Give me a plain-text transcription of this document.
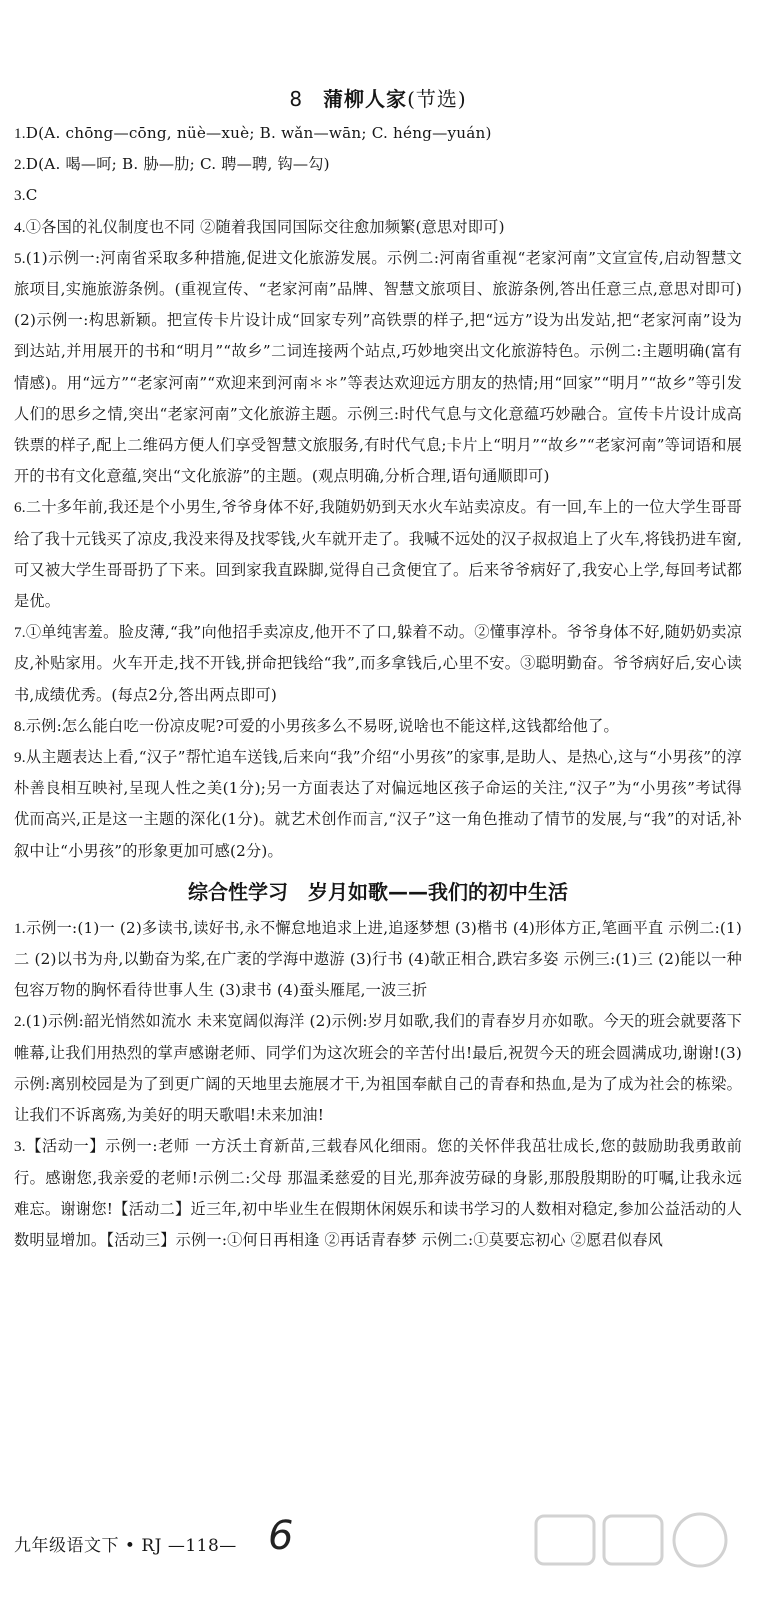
8 蒲柳人家(节选)
1.D(A. chōng—cōng, nüè—xuè; B. wǎn—wān; C. héng—yuán)
2.D(A. 喝—呵; B. 胁—肋; C. 聘—聘, 钩—勾)
3.C
4.①各国的礼仪制度也不同 ②随着我国同国际交往愈加频繁(意思对即可)
5.(1)示例一:河南省采取多种措施,促进文化旅游发展。示例二:河南省重视“老家河南”文宣宣传,启动智慧文旅项目,实施旅游条例。(重视宣传、“老家河南”品牌、智慧文旅项目、旅游条例,答出任意三点,意思对即可) (2)示例一:构思新颖。把宣传卡片设计成“回家专列”高铁票的样子,把“远方”设为出发站,把“老家河南”设为到达站,并用展开的书和“明月”“故乡”二词连接两个站点,巧妙地突出文化旅游特色。示例二:主题明确(富有情感)。用“远方”“老家河南”“欢迎来到河南＊＊”等表达欢迎远方朋友的热情;用“回家”“明月”“故乡”等引发人们的思乡之情,突出“老家河南”文化旅游主题。示例三:时代气息与文化意蕴巧妙融合。宣传卡片设计成高铁票的样子,配上二维码方便人们享受智慧文旅服务,有时代气息;卡片上“明月”“故乡”“老家河南”等词语和展开的书有文化意蕴,突出“文化旅游”的主题。(观点明确,分析合理,语句通顺即可)
6.二十多年前,我还是个小男生,爷爷身体不好,我随奶奶到天水火车站卖凉皮。有一回,车上的一位大学生哥哥给了我十元钱买了凉皮,我没来得及找零钱,火车就开走了。我喊不远处的汉子叔叔追上了火车,将钱扔进车窗,可又被大学生哥哥扔了下来。回到家我直跺脚,觉得自己贪便宜了。后来爷爷病好了,我安心上学,每回考试都是优。
7.①单纯害羞。脸皮薄,“我”向他招手卖凉皮,他开不了口,躲着不动。②懂事淳朴。爷爷身体不好,随奶奶卖凉皮,补贴家用。火车开走,找不开钱,拼命把钱给“我”,而多拿钱后,心里不安。③聪明勤奋。爷爷病好后,安心读书,成绩优秀。(每点2分,答出两点即可)
8.示例:怎么能白吃一份凉皮呢?可爱的小男孩多么不易呀,说啥也不能这样,这钱都给他了。
9.从主题表达上看,“汉子”帮忙追车送钱,后来向“我”介绍“小男孩”的家事,是助人、是热心,这与“小男孩”的淳朴善良相互映衬,呈现人性之美(1分);另一方面表达了对偏远地区孩子命运的关注,“汉子”为“小男孩”考试得优而高兴,正是这一主题的深化(1分)。就艺术创作而言,“汉子”这一角色推动了情节的发展,与“我”的对话,补叙中让“小男孩”的形象更加可感(2分)。
综合性学习　岁月如歌——我们的初中生活
1.示例一:(1)一 (2)多读书,读好书,永不懈怠地追求上进,追逐梦想 (3)楷书 (4)形体方正,笔画平直 示例二:(1)二 (2)以书为舟,以勤奋为桨,在广袤的学海中遨游 (3)行书 (4)欹正相合,跌宕多姿 示例三:(1)三 (2)能以一种包容万物的胸怀看待世事人生 (3)隶书 (4)蚕头雁尾,一波三折
2.(1)示例:韶光悄然如流水 未来宽阔似海洋 (2)示例:岁月如歌,我们的青春岁月亦如歌。今天的班会就要落下帷幕,让我们用热烈的掌声感谢老师、同学们为这次班会的辛苦付出!最后,祝贺今天的班会圆满成功,谢谢!(3)示例:离别校园是为了到更广阔的天地里去施展才干,为祖国奉献自己的青春和热血,是为了成为社会的栋梁。让我们不诉离殇,为美好的明天歌唱!未来加油!
3.【活动一】示例一:老师 一方沃土育新苗,三载春风化细雨。您的关怀伴我茁壮成长,您的鼓励助我勇敢前行。感谢您,我亲爱的老师!示例二:父母 那温柔慈爱的目光,那奔波劳碌的身影,那殷殷期盼的叮嘱,让我永远难忘。谢谢您!【活动二】近三年,初中毕业生在假期休闲娱乐和读书学习的人数相对稳定,参加公益活动的人数明显增加。【活动三】示例一:①何日再相逢 ②再话青春梦 示例二:①莫要忘初心 ②愿君似春风
九年级语文下 • RJ —118— 6
